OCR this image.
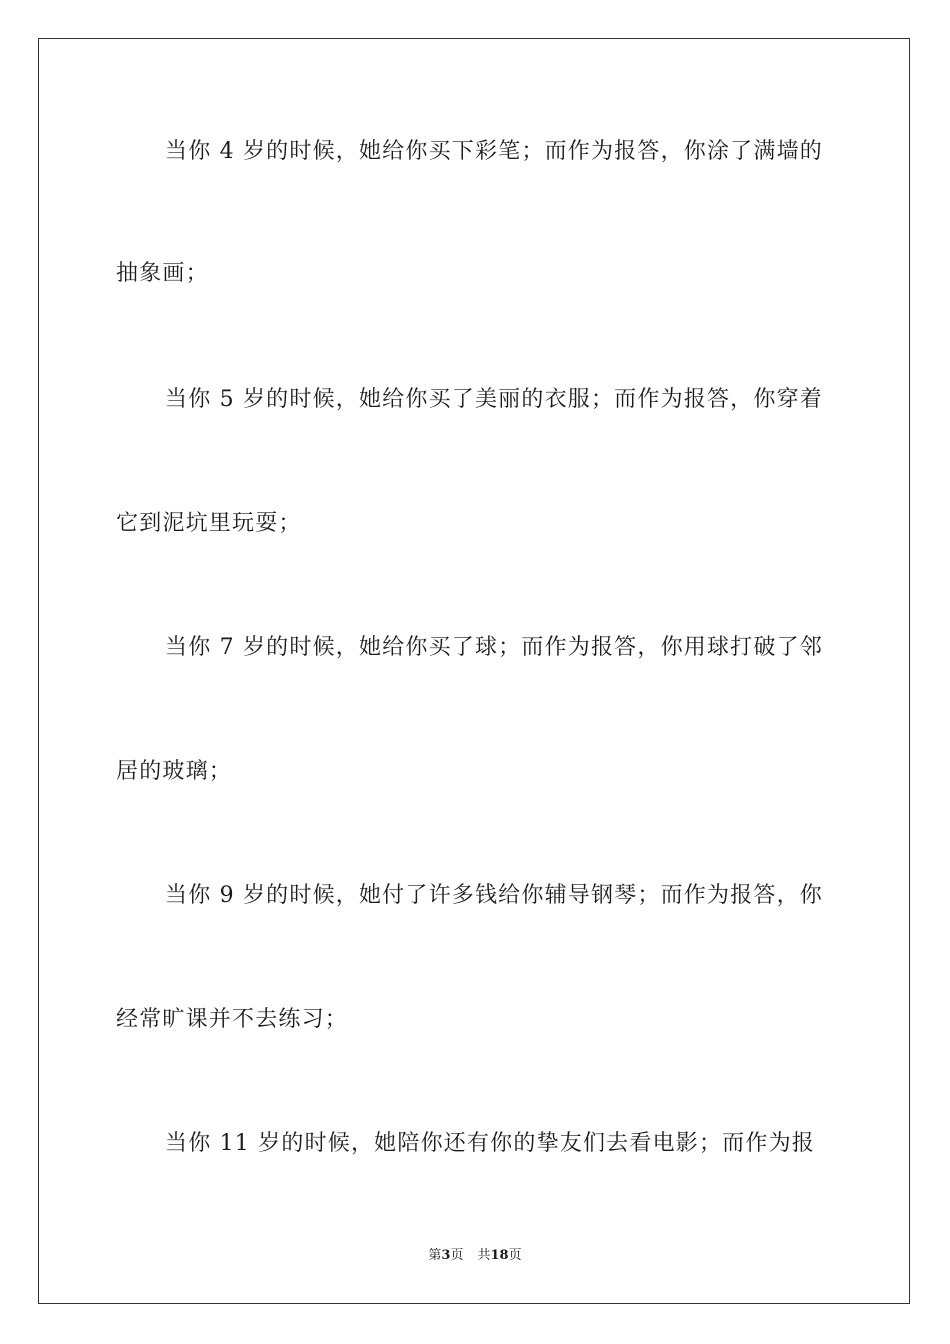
当你 4 岁的时候，她给你买下彩笔；而作为报答，你涂了满墙的
抽象画；
当你 5 岁的时候，她给你买了美丽的衣服；而作为报答，你穿着
它到泥坑里玩耍；
当你 7 岁的时候，她给你买了球；而作为报答，你用球打破了邻
居的玻璃；
当你 9 岁的时候，她付了许多钱给你辅导钢琴；而作为报答，你
经常旷课并不去练习；
当你 11 岁的时候，她陪你还有你的挚友们去看电影；而作为报
第3页 共18页
